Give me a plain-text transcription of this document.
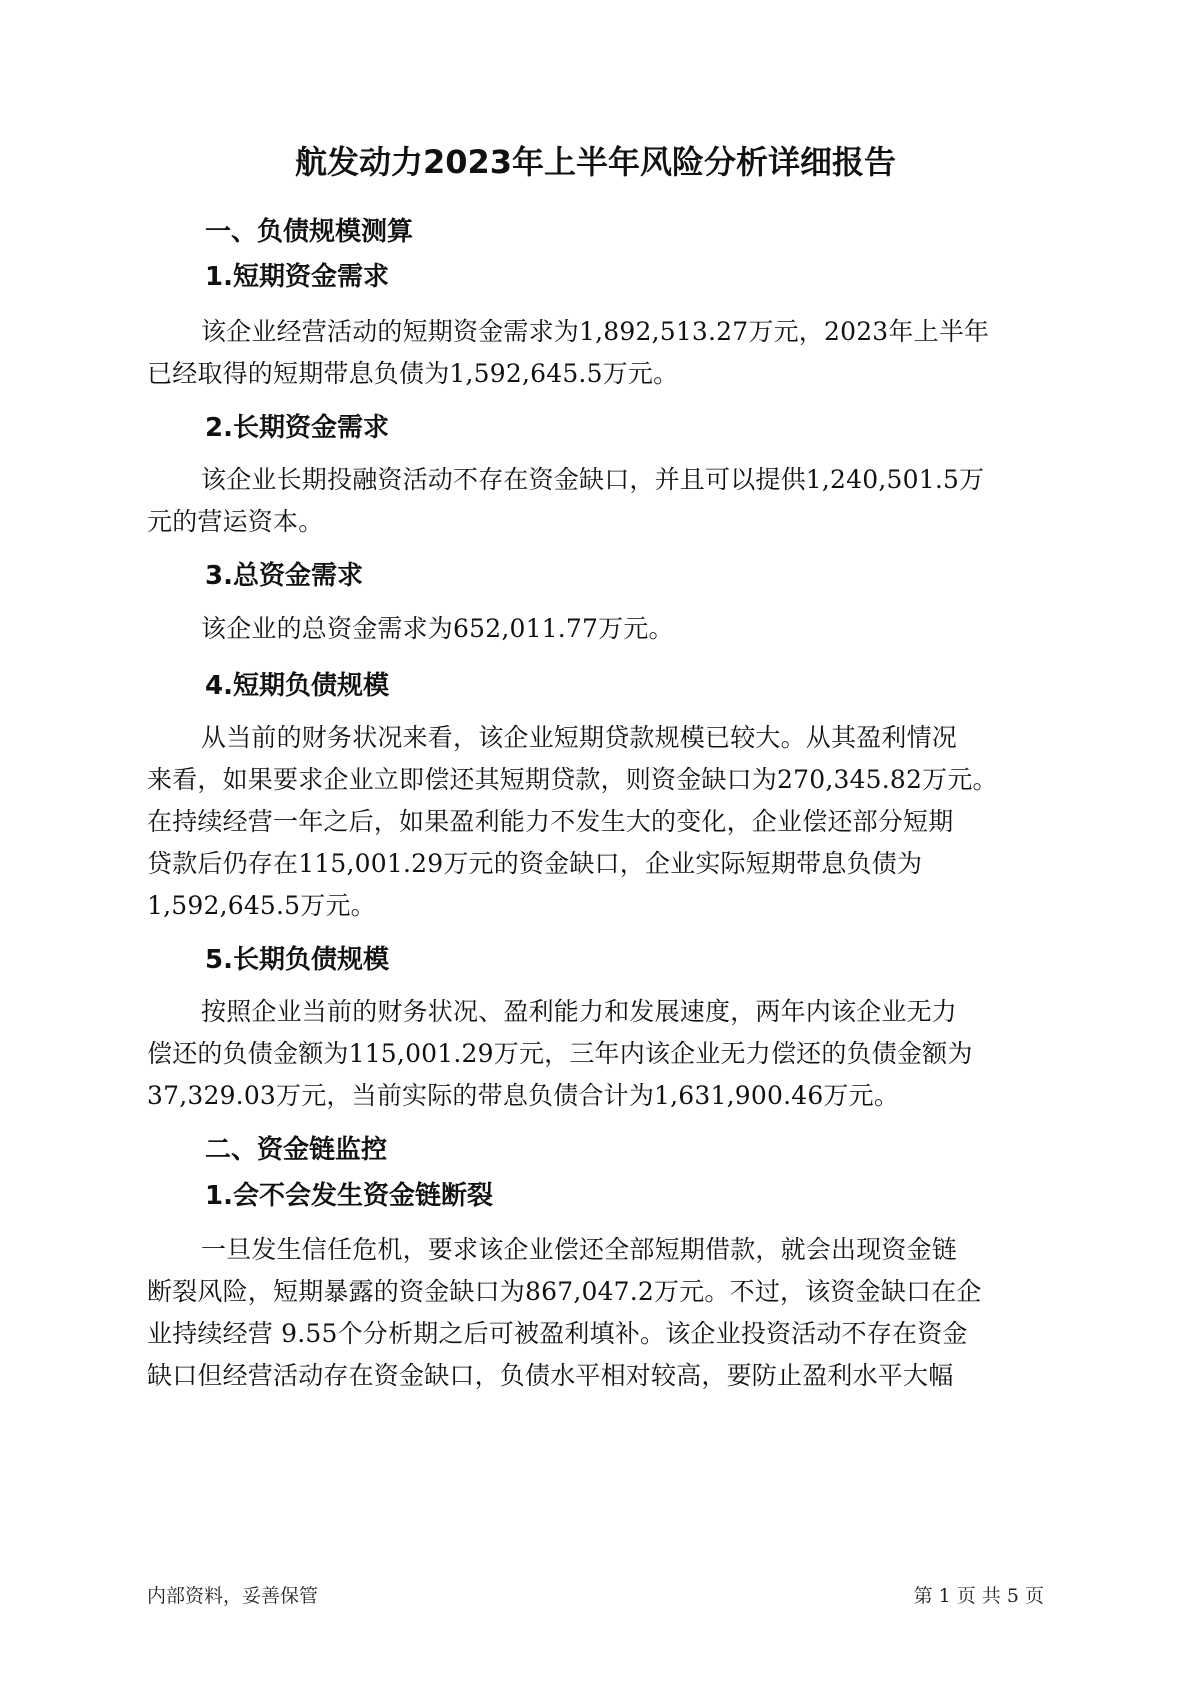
航发动力2023年上半年风险分析详细报告
一、负债规模测算
1.短期资金需求
该企业经营活动的短期资金需求为1,892,513.27万元，2023年上半年
已经取得的短期带息负债为1,592,645.5万元。
2.长期资金需求
该企业长期投融资活动不存在资金缺口，并且可以提供1,240,501.5万
元的营运资本。
3.总资金需求
该企业的总资金需求为652,011.77万元。
4.短期负债规模
从当前的财务状况来看，该企业短期贷款规模已较大。从其盈利情况
来看，如果要求企业立即偿还其短期贷款，则资金缺口为270,345.82万元。
在持续经营一年之后，如果盈利能力不发生大的变化，企业偿还部分短期
贷款后仍存在115,001.29万元的资金缺口，企业实际短期带息负债为
1,592,645.5万元。
5.长期负债规模
按照企业当前的财务状况、盈利能力和发展速度，两年内该企业无力
偿还的负债金额为115,001.29万元，三年内该企业无力偿还的负债金额为
37,329.03万元，当前实际的带息负债合计为1,631,900.46万元。
二、资金链监控
1.会不会发生资金链断裂
一旦发生信任危机，要求该企业偿还全部短期借款，就会出现资金链
断裂风险，短期暴露的资金缺口为867,047.2万元。不过，该资金缺口在企
业持续经营 9.55个分析期之后可被盈利填补。该企业投资活动不存在资金
缺口但经营活动存在资金缺口，负债水平相对较高，要防止盈利水平大幅
内部资料，妥善保管	第 1 页 共 5 页
